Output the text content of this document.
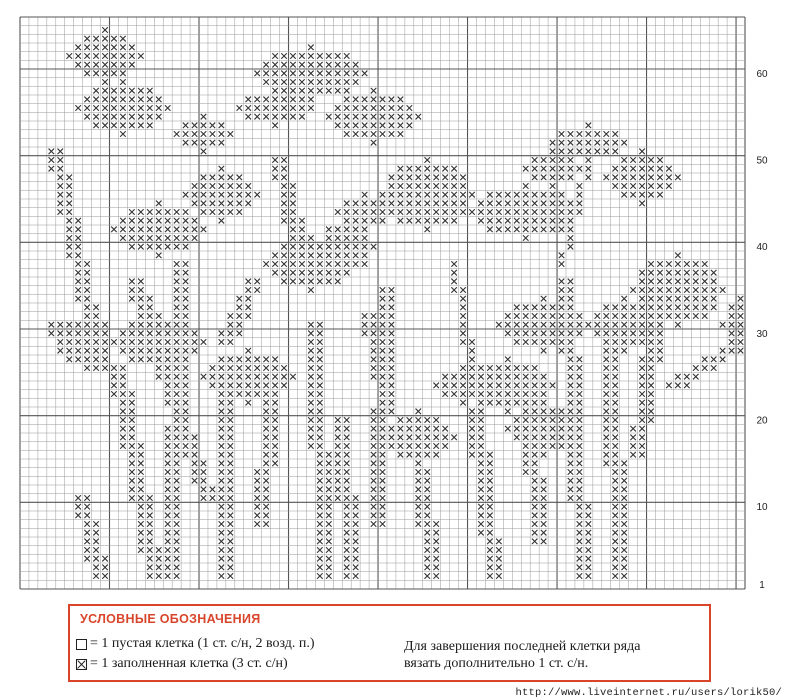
1
10
20
30
40
50
60
УСЛОВНЫЕ ОБОЗНАЧЕНИЯ
= 1 пустая клетка (1 ст. с/н, 2 возд. п.)
= 1 заполненная клетка (3 ст. с/н)
Для завершения последней клетки ряда
вязать дополнительно 1 ст. с/н.
http://www.liveinternet.ru/users/lorik50/
